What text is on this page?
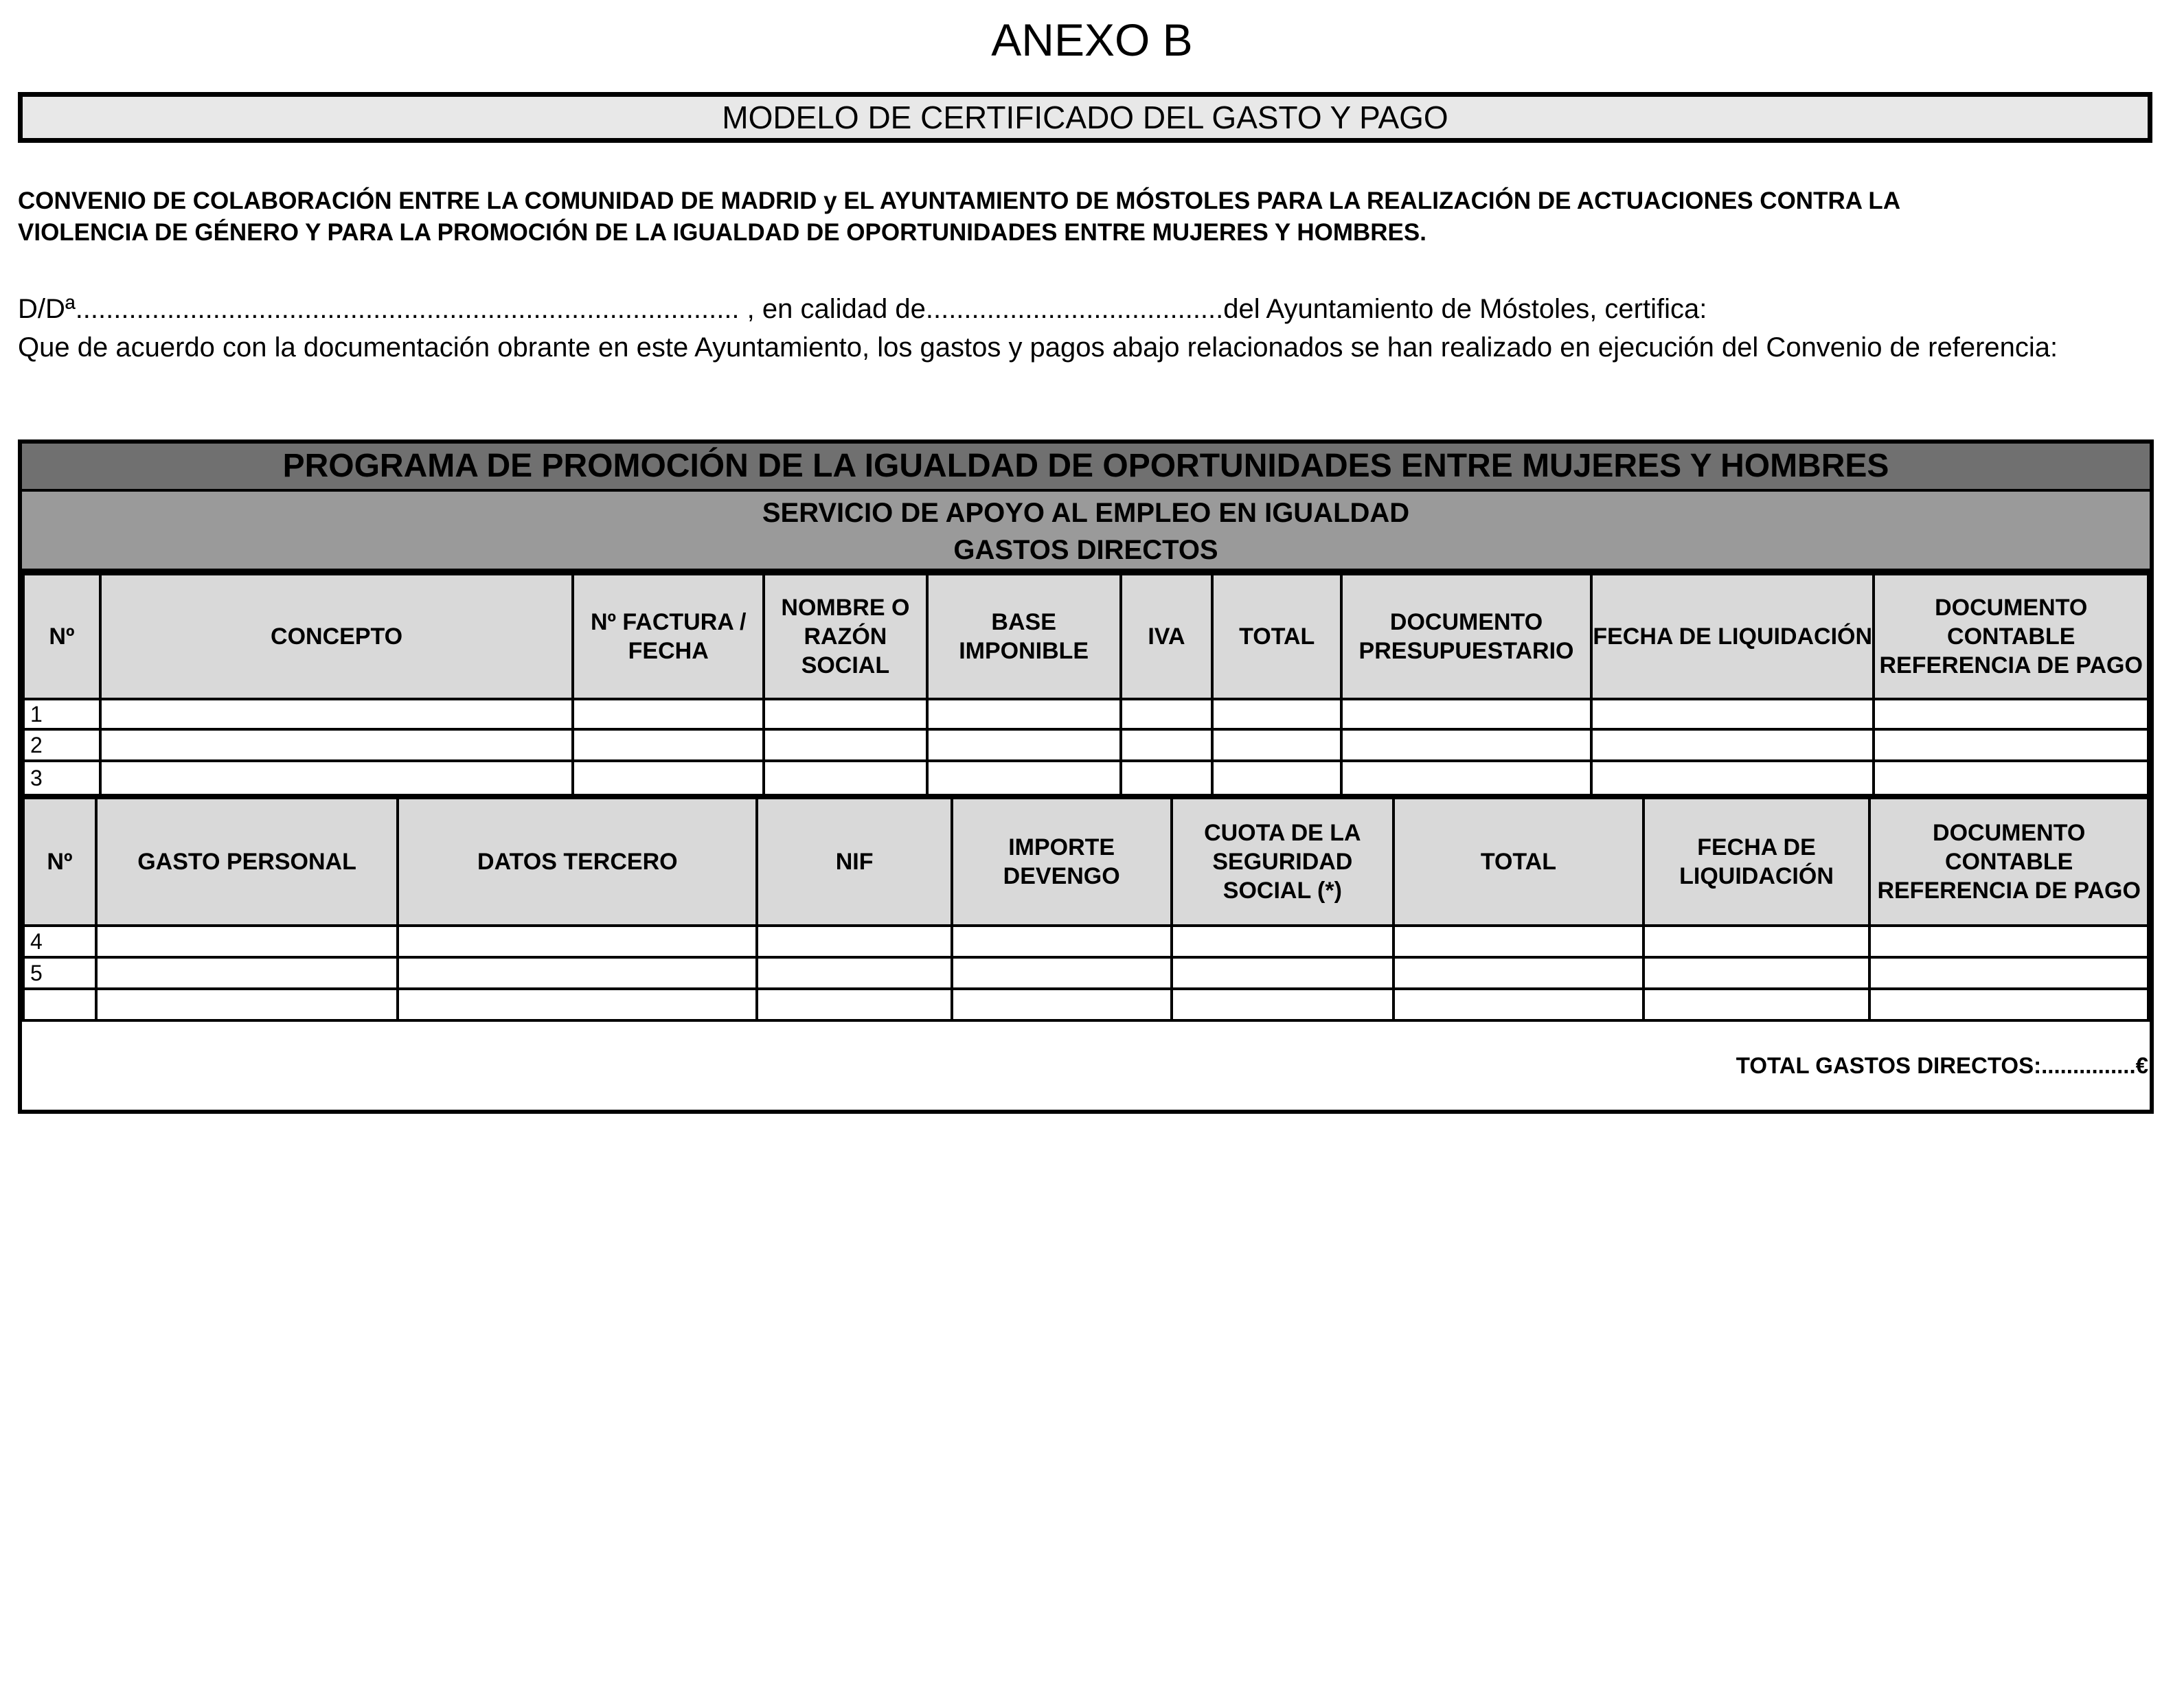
ANEXO B
MODELO DE CERTIFICADO DEL GASTO Y PAGO
CONVENIO DE COLABORACIÓN ENTRE LA COMUNIDAD DE MADRID y EL AYUNTAMIENTO DE MÓSTOLES PARA LA REALIZACIÓN DE ACTUACIONES CONTRA LA
VIOLENCIA DE GÉNERO Y PARA LA PROMOCIÓN DE LA IGUALDAD DE OPORTUNIDADES ENTRE MUJERES Y HOMBRES.
D/Dª....................................................................................... , en calidad de.......................................del Ayuntamiento de Móstoles, certifica:
Que de acuerdo con la documentación obrante en este Ayuntamiento, los gastos y pagos abajo relacionados se han realizado en ejecución del Convenio de referencia:
PROGRAMA DE PROMOCIÓN DE LA IGUALDAD DE OPORTUNIDADES ENTRE MUJERES Y HOMBRES
SERVICIO DE APOYO AL EMPLEO EN IGUALDAD
GASTOS DIRECTOS
Nº	CONCEPTO	Nº FACTURA / FECHA	NOMBRE O RAZÓN SOCIAL	BASE IMPONIBLE	IVA	TOTAL	DOCUMENTO PRESUPUESTARIO	FECHA DE LIQUIDACIÓN	DOCUMENTO CONTABLE REFERENCIA DE PAGO
1									
2									
3									
Nº	GASTO PERSONAL	DATOS TERCERO	NIF	IMPORTE DEVENGO	CUOTA DE LA SEGURIDAD SOCIAL (*)	TOTAL	FECHA DE LIQUIDACIÓN	DOCUMENTO CONTABLE REFERENCIA DE PAGO
4								
5								

TOTAL GASTOS DIRECTOS:...............€
